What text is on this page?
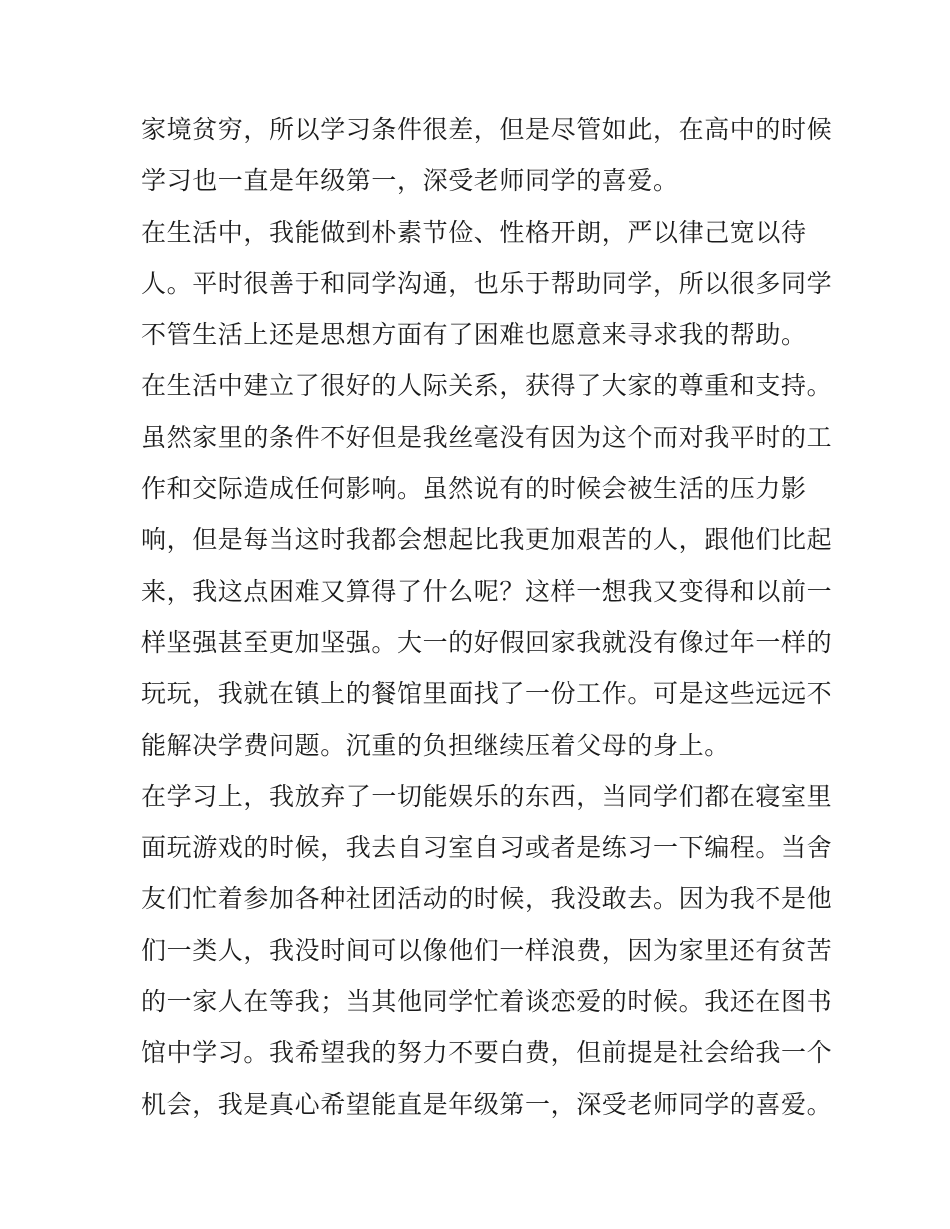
家境贫穷，所以学习条件很差，但是尽管如此，在高中的时候
学习也一直是年级第一，深受老师同学的喜爱。
在生活中，我能做到朴素节俭、性格开朗，严以律己宽以待
人。平时很善于和同学沟通，也乐于帮助同学，所以很多同学
不管生活上还是思想方面有了困难也愿意来寻求我的帮助。
在生活中建立了很好的人际关系，获得了大家的尊重和支持。
虽然家里的条件不好但是我丝毫没有因为这个而对我平时的工
作和交际造成任何影响。虽然说有的时候会被生活的压力影
响，但是每当这时我都会想起比我更加艰苦的人，跟他们比起
来，我这点困难又算得了什么呢？这样一想我又变得和以前一
样坚强甚至更加坚强。大一的好假回家我就没有像过年一样的
玩玩，我就在镇上的餐馆里面找了一份工作。可是这些远远不
能解决学费问题。沉重的负担继续压着父母的身上。
在学习上，我放弃了一切能娱乐的东西，当同学们都在寝室里
面玩游戏的时候，我去自习室自习或者是练习一下编程。当舍
友们忙着参加各种社团活动的时候，我没敢去。因为我不是他
们一类人，我没时间可以像他们一样浪费，因为家里还有贫苦
的一家人在等我；当其他同学忙着谈恋爱的时候。我还在图书
馆中学习。我希望我的努力不要白费，但前提是社会给我一个
机会，我是真心希望能直是年级第一，深受老师同学的喜爱。
